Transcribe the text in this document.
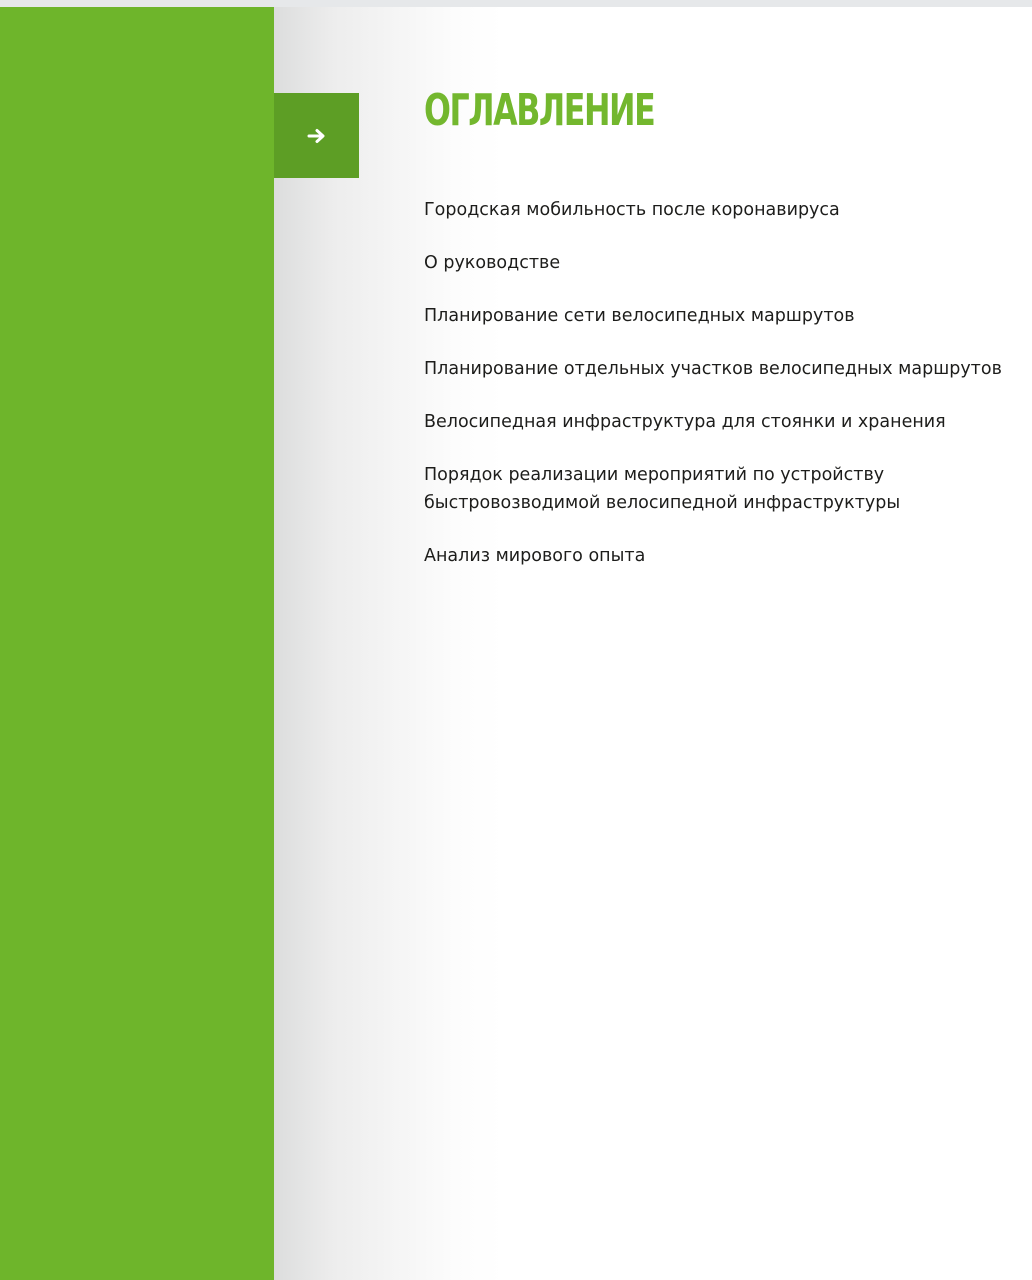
ОГЛАВЛЕНИЕ
Городская мобильность после коронавируса
О руководстве
Планирование сети велосипедных маршрутов
Планирование отдельных участков велосипедных маршрутов
Велосипедная инфраструктура для стоянки и хранения
Порядок реализации мероприятий по устройству
быстровозводимой велосипедной инфраструктуры
Анализ мирового опыта
